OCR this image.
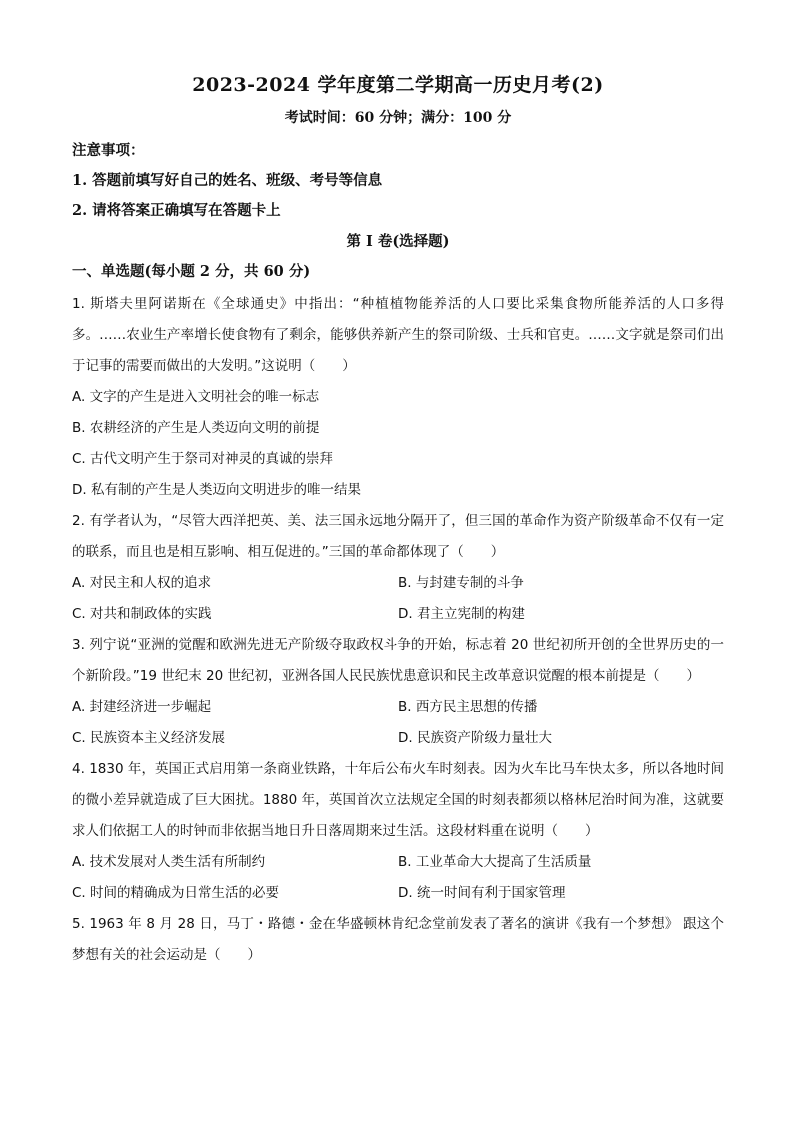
2023-2024 学年度第二学期高一历史月考(2)
考试时间：60 分钟；满分：100 分
注意事项：
1. 答题前填写好自己的姓名、班级、考号等信息
2. 请将答案正确填写在答题卡上
第 I 卷(选择题)
一、单选题(每小题 2 分，共 60 分)
1. 斯塔夫里阿诺斯在《全球通史》中指出：“种植植物能养活的人口要比采集食物所能养活的人口多得多。……农业生产率增长使食物有了剩余，能够供养新产生的祭司阶级、士兵和官吏。……文字就是祭司们出于记事的需要而做出的大发明。”这说明（　　）
A. 文字的产生是进入文明社会的唯一标志
B. 农耕经济的产生是人类迈向文明的前提
C. 古代文明产生于祭司对神灵的真诚的崇拜
D. 私有制的产生是人类迈向文明进步的唯一结果
2. 有学者认为，“尽管大西洋把英、美、法三国永远地分隔开了，但三国的革命作为资产阶级革命不仅有一定的联系，而且也是相互影响、相互促进的。”三国的革命都体现了（　　）
A. 对民主和人权的追求	B. 与封建专制的斗争
C. 对共和制政体的实践	D. 君主立宪制的构建
3. 列宁说“亚洲的觉醒和欧洲先进无产阶级夺取政权斗争的开始，标志着 20 世纪初所开创的全世界历史的一个新阶段。”19 世纪末 20 世纪初，亚洲各国人民民族忧患意识和民主改革意识觉醒的根本前提是（　　）
A. 封建经济进一步崛起	B. 西方民主思想的传播
C. 民族资本主义经济发展	D. 民族资产阶级力量壮大
4. 1830 年，英国正式启用第一条商业铁路，十年后公布火车时刻表。因为火车比马车快太多，所以各地时间的微小差异就造成了巨大困扰。1880 年，英国首次立法规定全国的时刻表都须以格林尼治时间为准，这就要求人们依据工人的时钟而非依据当地日升日落周期来过生活。这段材料重在说明（　　）
A. 技术发展对人类生活有所制约	B. 工业革命大大提高了生活质量
C. 时间的精确成为日常生活的必要	D. 统一时间有利于国家管理
5. 1963 年 8 月 28 日，马丁・路德・金在华盛顿林肯纪念堂前发表了著名的演讲《我有一个梦想》 跟这个梦想有关的社会运动是（　　）
